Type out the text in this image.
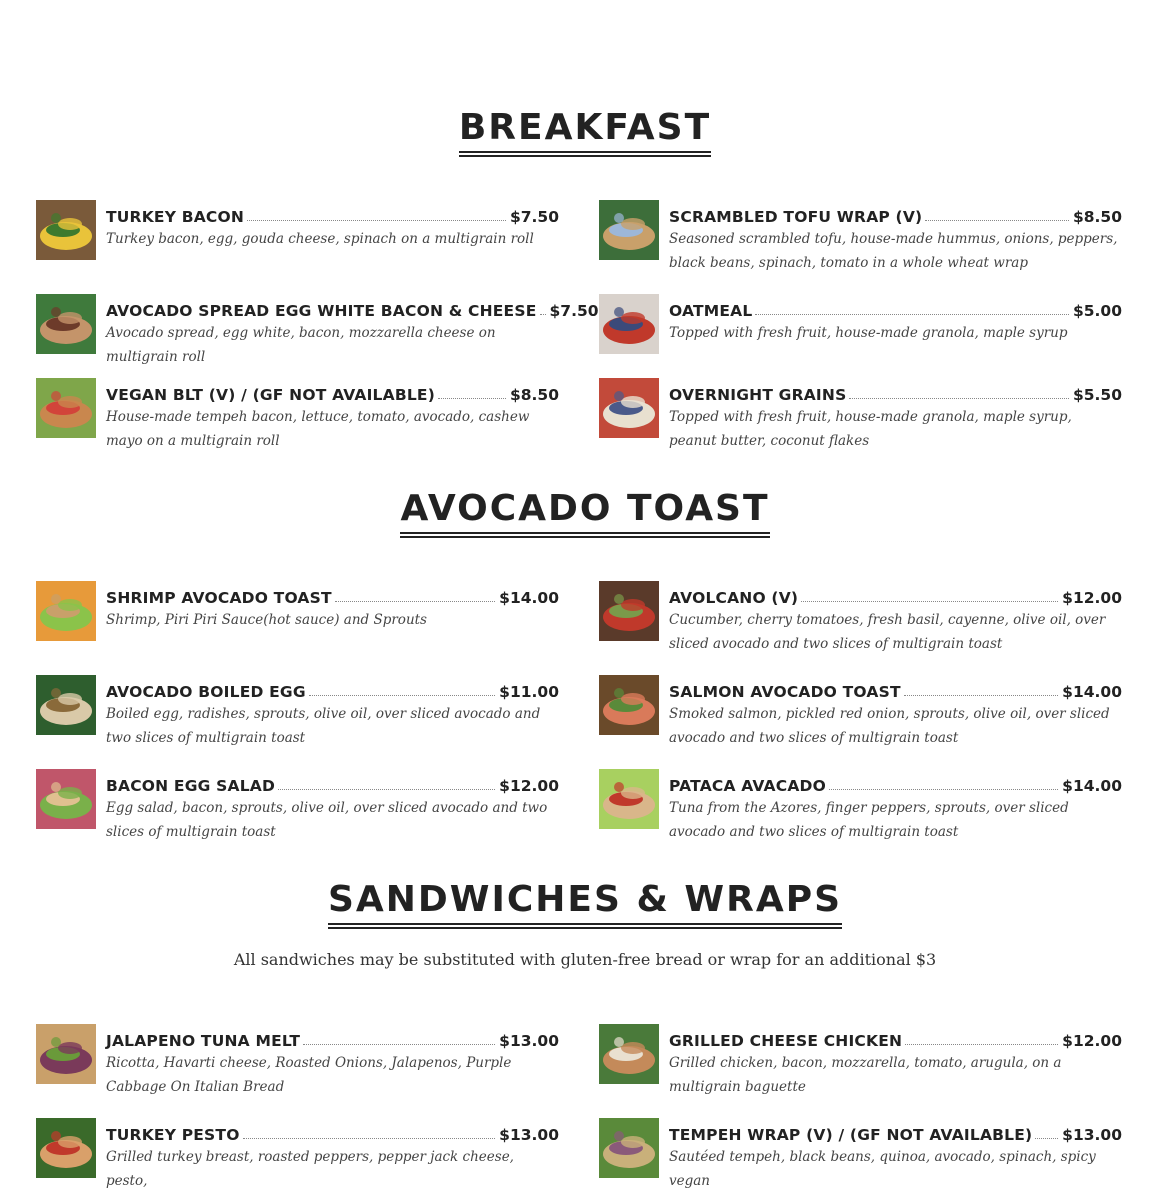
BREAKFAST
TURKEY BACON	$7.50
Turkey bacon, egg, gouda cheese, spinach on a multigrain roll
SCRAMBLED TOFU WRAP (V)	$8.50
Seasoned scrambled tofu, house-made hummus, onions, peppers, black beans, spinach, tomato in a whole wheat wrap
AVOCADO SPREAD EGG WHITE BACON & CHEESE $7.50
Avocado spread, egg white, bacon, mozzarella cheese on multigrain roll
OATMEAL	$5.00
Topped with fresh fruit, house-made granola, maple syrup
VEGAN BLT (V) / (GF NOT AVAILABLE)	$8.50
House-made tempeh bacon, lettuce, tomato, avocado, cashew mayo on a multigrain roll
OVERNIGHT GRAINS	$5.50
Topped with fresh fruit, house-made granola, maple syrup, peanut butter, coconut flakes
AVOCADO TOAST
SHRIMP AVOCADO TOAST	$14.00
Shrimp, Piri Piri Sauce(hot sauce) and Sprouts
AVOLCANO (V)	$12.00
Cucumber, cherry tomatoes, fresh basil, cayenne, olive oil, over sliced avocado and two slices of multigrain toast
AVOCADO BOILED EGG	$11.00
Boiled egg, radishes, sprouts, olive oil, over sliced avocado and two slices of multigrain toast
SALMON AVOCADO TOAST	$14.00
Smoked salmon, pickled red onion, sprouts, olive oil, over sliced avocado and two slices of multigrain toast
BACON EGG SALAD	$12.00
Egg salad, bacon, sprouts, olive oil, over sliced avocado and two slices of multigrain toast
PATACA AVACADO	$14.00
Tuna from the Azores, finger peppers, sprouts, over sliced avocado and two slices of multigrain toast
SANDWICHES & WRAPS
All sandwiches may be substituted with gluten-free bread or wrap for an additional $3
JALAPENO TUNA MELT	$13.00
Ricotta, Havarti cheese, Roasted Onions, Jalapenos, Purple Cabbage On Italian Bread
GRILLED CHEESE CHICKEN	$12.00
Grilled chicken, bacon, mozzarella, tomato, arugula, on a multigrain baguette
TURKEY PESTO	$13.00
Grilled turkey breast, roasted peppers, pepper jack cheese, pesto,
TEMPEH WRAP (V) / (GF NOT AVAILABLE) $13.00
Sautéed tempeh, black beans, quinoa, avocado, spinach, spicy vegan
